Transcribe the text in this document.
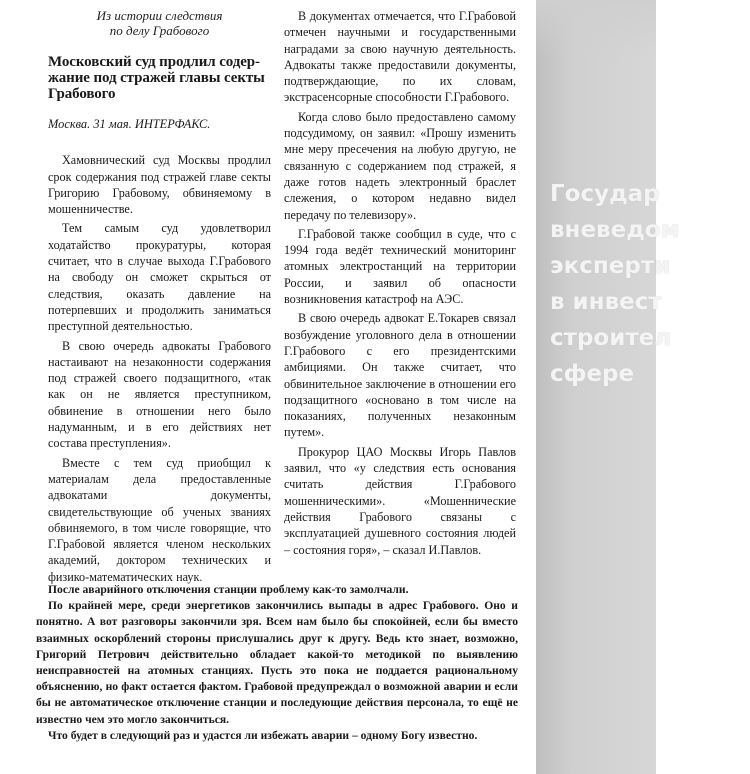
Государ
вневедом
эксперти
в инвест
строител
сфере
Из истории следствия
по делу Грабового
Московский суд продлил содер-
жание под стражей главы секты
Грабового
Москва. 31 мая. ИНТЕРФАКС.

Хамовнический суд Москвы продлил срок содержания под стражей главе секты Григорию Грабовому, обвиняемому в мошенничестве.

Тем самым суд удовлетворил ходатайство прокуратуры, которая считает, что в случае выхода Г.Грабового на свободу он сможет скрыться от следствия, оказать давление на потерпевших и продолжить заниматься преступной деятельностью.

В свою очередь адвокаты Грабового настаивают на незаконности содержания под стражей своего подзащитного, «так как он не является преступником, обвинение в отношении него было надуманным, и в его действиях нет состава преступления».

Вместе с тем суд приобщил к материалам дела предоставленные адвокатами документы, свидетельствующие об ученых званиях обвиняемого, в том числе говорящие, что Г.Грабовой является членом нескольких академий, доктором технических и физико-математических наук.

В документах отмечается, что Г.Грабовой отмечен научными и государственными наградами за свою научную деятельность. Адвокаты также предоставили документы, подтверждающие, по их словам, экстрасенсорные способности Г.Грабового.

Когда слово было предоставлено самому подсудимому, он заявил: «Прошу изменить мне меру пресечения на любую другую, не связанную с содержанием под стражей, я даже готов надеть электронный браслет слежения, о котором недавно видел передачу по телевизору».

Г.Грабовой также сообщил в суде, что с 1994 года ведёт технический мониторинг атомных электростанций на территории России, и заявил об опасности возникновения катастроф на АЭС.

В свою очередь адвокат Е.Токарев связал возбуждение уголовного дела в отношении Г.Грабового с его президентскими амбициями. Он также считает, что обвинительное заключение в отношении его подзащитного «основано в том числе на показаниях, полученных незаконным путем».

Прокурор ЦАО Москвы Игорь Павлов заявил, что «у следствия есть основания считать действия Г.Грабового мошенническими». «Мошеннические действия Грабового связаны с эксплуатацией душевного состояния людей – состояния горя», – сказал И.Павлов.

После аварийного отключения станции проблему как-то замолчали.

По крайней мере, среди энергетиков закончились выпады в адрес Грабового. Оно и понятно. А вот разговоры закончили зря. Всем нам было бы спокойней, если бы вместо взаимных оскорблений стороны прислушались друг к другу. Ведь кто знает, возможно, Григорий Петрович действительно обладает какой-то методикой по выявлению неисправностей на атомных станциях. Пусть это пока не поддается рациональному объяснению, но факт остается фактом. Грабовой предупреждал о возможной аварии и если бы не автоматическое отключение станции и последующие действия персонала, то ещё не известно чем это могло закончиться.

Что будет в следующий раз и удастся ли избежать аварии – одному Богу известно.
